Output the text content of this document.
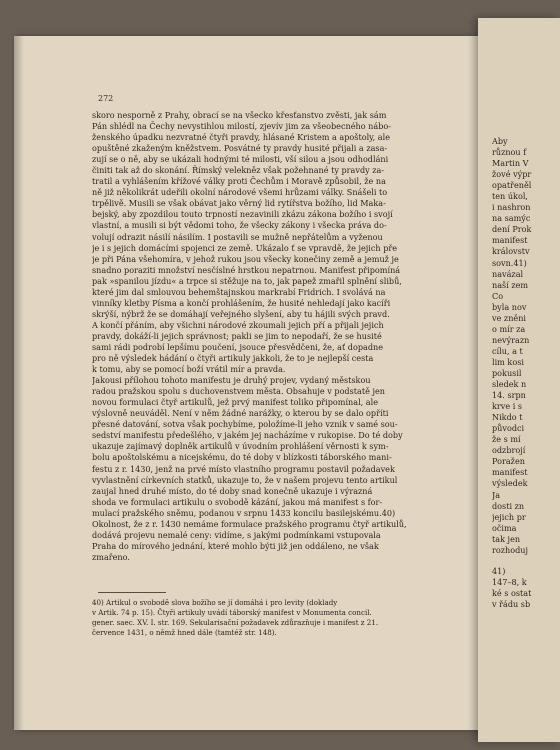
Aby
různou f
Martin V
žové výpr
opatřeněl
ten úkol,
i nashron
na samýc
dení Prok
manifest
královstv
sovn.41)
navázal
naší zem
Co
byla nov
ve zněni
o mír za
nevýrazn
cílu, a t
lim kosi
pokusil
sledek n
14. srpn
krve i s
Nikdo t
původci
že s mí
odzbrojí
Poražen
manifest
výsledek
Ja
dosti zn
jejich pr
očima
tak jen
rozhoduj
41)
147–8, k
ké s ostat
v řádu sb
272
skoro nesporně z Prahy, obrací se na všecko křesťanstvo zvěsti, jak sám
Pán shlédl na Čechy nevystihlou milostí, zjevív jim za všeobecného nábo-
ženského úpadku nezvratné čtyři pravdy, hlásané Kristem a apoštoly, ale
opuštěné zkaženým kněžstvem. Posvátné ty pravdy husité přijali a zasa-
zují se o ně, aby se ukázali hodnými té milosti, vší silou a jsou odhodláni
činiti tak až do skonání. Římský velekněz však požehnané ty pravdy za-
tratil a vyhlášením křížové války proti Čechům i Moravě způsobil, že na
ně již několikrát udeřili okolní národové všemi hrůzami války. Snášeli to
trpělivě. Musili se však obávat jako věrný lid rytířstva božího, lid Maka-
bejský, aby zpozdilou touto trpností nezavinili zkázu zákona božího i svojí
vlastní, a musili si být vědomi toho, že všecky zákony i všecka práva do-
volují odrazit násilí násilím. I postavili se mužně nepřátelům a vyženou
je i s jejich domácími spojenci ze země. Ukázalo ť se vpravdě, že jejich pře
je při Pána všehomíra, v jehož rukou jsou všecky konečiny země a jemuž je
snadno poraziti množství nesčíslné hrstkou nepatrnou. Manifest připomíná
pak »spanilou jízdu« a trpce si stěžuje na to, jak papež zmařil splnění slibů,
které jim dal smlouvou behemštajnskou markrabí Fridrich. I svolává na
vinníky kletby Písma a končí prohlášením, že husité nehledají jako kacíři
skrýší, nýbrž že se domáhají veřejného slyšení, aby tu hájili svých pravd.
A končí přáním, aby všichni národové zkoumali jejich pří a přijali jejich
pravdy, dokáží-li jejich správnost; pakli se jim to nepodaří, že se husité
sami rádi podrobí lepšímu poučení, jsouce přesvědčeni, že, ať dopadne
pro ně výsledek hádání o čtyři artikuly jakkoli, že to je nejlepší cesta
k tomu, aby se pomocí boží vrátil mír a pravda.
Jakousi přílohou tohoto manifestu je druhý projev, vydaný městskou
radou pražskou spolu s duchovenstvem města. Obsahuje v podstatě jen
novou formulaci čtyř artikulů, jež prvý manifest toliko připomínal, ale
výslovně neuváděl. Není v něm žádné narážky, o kterou by se dalo opříti
přesné datování, sotva však pochybíme, položíme-li jeho vznik v samé sou-
sedství manifestu předešlého, v jakém jej nacházíme v rukopise. Do té doby
ukazuje zajímavý doplněk artikulů v úvodním prohlášení věrnosti k sym-
bolu apoštolskému a nicejskému, do té doby v blízkosti táborského mani-
festu z r. 1430, jenž na prvé místo vlastního programu postavil požadavek
vyvlastnění církevních statků, ukazuje to, že v našem projevu tento artikul
zaujal hned druhé místo, do té doby snad konečně ukazuje i výrazná
shoda ve formulaci artikulu o svobodě kázání, jakou má manifest s for-
mulací pražského sněmu, podanou v srpnu 1433 koncilu basilejskému.40)
Okolnost, že z r. 1430 nemáme formulace pražského programu čtyř artikulů,
dodává projevu nemalé ceny: vidíme, s jakými podmínkami vstupovala
Praha do mírového jednání, které mohlo býti již jen oddáleno, ne však
zmařeno.
40) Artikul o svobodě slova božího se jí domáhá i pro levity (doklady
v Artik. 74 p. 15). Čtyři artikuly uvádí táborský manifest v Monumenta concil.
gener. saec. XV. I. str. 169. Sekularisační požadavek zdůrazňuje i manifest z 21.
července 1431, o němž hned dále (tamtéž str. 148).
